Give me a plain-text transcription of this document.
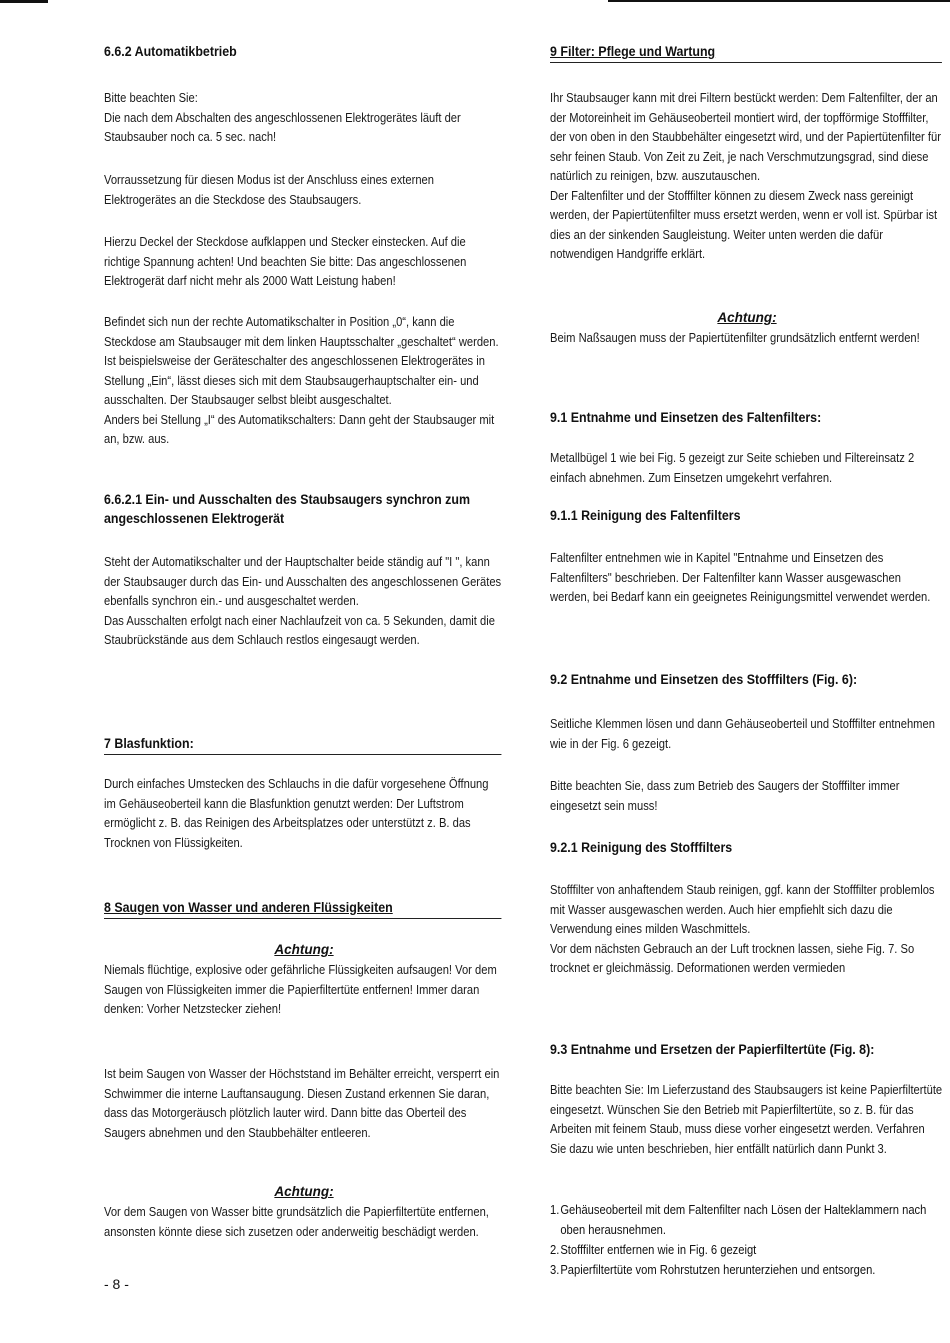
6.6.2 Automatikbetrieb

Bitte beachten Sie:
Die nach dem Abschalten des angeschlossenen Elektrogerätes läuft der Staubsauber noch ca. 5 sec. nach!

Vorraussetzung für diesen Modus ist der Anschluss eines externen Elektrogerätes an die Steckdose des Staubsaugers.

Hierzu Deckel der Steckdose aufklappen und Stecker einstecken. Auf die richtige Spannung achten! Und beachten Sie bitte: Das angeschlossenen Elektrogerät darf nicht mehr als 2000 Watt Leistung haben!

Befindet sich nun der rechte Automatikschalter in Position „0“, kann die Steckdose am Staubsauger mit dem linken Hauptsschalter „geschaltet“ werden. Ist beispielsweise der Geräteschalter des angeschlossenen Elektrogerätes in Stellung „Ein“, lässt dieses sich mit dem Staubsaugerhauptschalter ein- und ausschalten. Der Staubsauger selbst bleibt ausgeschaltet.
Anders bei Stellung „I“ des Automatikschalters: Dann geht der Staubsauger mit an, bzw. aus.

6.6.2.1 Ein- und Ausschalten des Staubsaugers synchron zum angeschlossenen Elektrogerät

Steht der Automatikschalter und der Hauptschalter beide ständig auf "I ", kann der Staubsauger durch das Ein- und Ausschalten des angeschlossenen Gerätes ebenfalls synchron ein.- und ausgeschaltet werden.
Das Ausschalten erfolgt nach einer Nachlaufzeit von ca. 5 Sekunden, damit die Staubrückstände aus dem Schlauch restlos eingesaugt werden.

7 Blasfunktion:

Durch einfaches Umstecken des Schlauchs in die dafür vorgesehene Öffnung im Gehäuseoberteil kann die Blasfunktion genutzt werden: Der Luftstrom ermöglicht z. B. das Reinigen des Arbeitsplatzes oder unterstützt z. B. das Trocknen von Flüssigkeiten.

8 Saugen von Wasser und anderen Flüssigkeiten

Achtung:

Niemals flüchtige, explosive oder gefährliche Flüssigkeiten aufsaugen! Vor dem Saugen von Flüssigkeiten immer die Papierfiltertüte entfernen! Immer daran denken: Vorher Netzstecker ziehen!

Ist beim Saugen von Wasser der Höchststand im Behälter erreicht, versperrt ein Schwimmer die interne Lauftansaugung. Diesen Zustand erkennen Sie daran, dass das Motorgeräusch plötzlich lauter wird. Dann bitte das Oberteil des Saugers abnehmen und den Staubbehälter entleeren.

Achtung:

Vor dem Saugen von Wasser bitte grundsätzlich die Papierfiltertüte entfernen, ansonsten könnte diese sich zusetzen oder anderweitig beschädigt werden.

- 8 -
9 Filter: Pflege und Wartung

Ihr Staubsauger kann mit drei Filtern bestückt werden: Dem Faltenfilter, der an der Motoreinheit im Gehäuseoberteil montiert wird, der topfförmige Stofffilter, der von oben in den Staubbehälter eingesetzt wird, und der Papiertütenfilter für sehr feinen Staub. Von Zeit zu Zeit, je nach Verschmutzungsgrad, sind diese natürlich zu reinigen, bzw. auszutauschen.
Der Faltenfilter und der Stofffilter können zu diesem Zweck nass gereinigt werden, der Papiertütenfilter muss ersetzt werden, wenn er voll ist. Spürbar ist dies an der sinkenden Saugleistung. Weiter unten werden die dafür notwendigen Handgriffe erklärt.

Achtung:

Beim Naßsaugen muss der Papiertütenfilter grundsätzlich entfernt werden!

9.1 Entnahme und Einsetzen des Faltenfilters:

Metallbügel 1 wie bei Fig. 5 gezeigt zur Seite schieben und Filtereinsatz 2 einfach abnehmen. Zum Einsetzen umgekehrt verfahren.

9.1.1 Reinigung des Faltenfilters

Faltenfilter entnehmen wie in Kapitel "Entnahme und Einsetzen des Faltenfilters" beschrieben. Der Faltenfilter kann Wasser ausgewaschen werden, bei Bedarf kann ein geeignetes Reinigungsmittel verwendet werden.

9.2 Entnahme und Einsetzen des Stofffilters (Fig. 6):

Seitliche Klemmen lösen und dann Gehäuseoberteil und Stofffilter entnehmen wie in der Fig. 6 gezeigt.

Bitte beachten Sie, dass zum Betrieb des Saugers der Stofffilter immer eingesetzt sein muss!

9.2.1 Reinigung des Stofffilters

Stofffilter von anhaftendem Staub reinigen, ggf. kann der Stofffilter problemlos mit Wasser ausgewaschen werden. Auch hier empfiehlt sich dazu die Verwendung eines milden Waschmittels.
Vor dem nächsten Gebrauch an der Luft trocknen lassen, siehe Fig. 7. So trocknet er gleichmässig. Deformationen werden vermieden

9.3 Entnahme und Ersetzen der Papierfiltertüte (Fig. 8):

Bitte beachten Sie: Im Lieferzustand des Staubsaugers ist keine Papierfiltertüte eingesetzt. Wünschen Sie den Betrieb mit Papierfiltertüte, so z. B. für das Arbeiten mit feinem Staub, muss diese vorher eingesetzt werden. Verfahren Sie dazu wie unten beschrieben, hier entfällt natürlich dann Punkt 3.

1. Gehäuseoberteil mit dem Faltenfilter nach Lösen der Halteklammern nach oben herausnehmen.
2. Stofffilter entfernen wie in Fig. 6 gezeigt
3. Papierfiltertüte vom Rohrstutzen herunterziehen und entsorgen.
